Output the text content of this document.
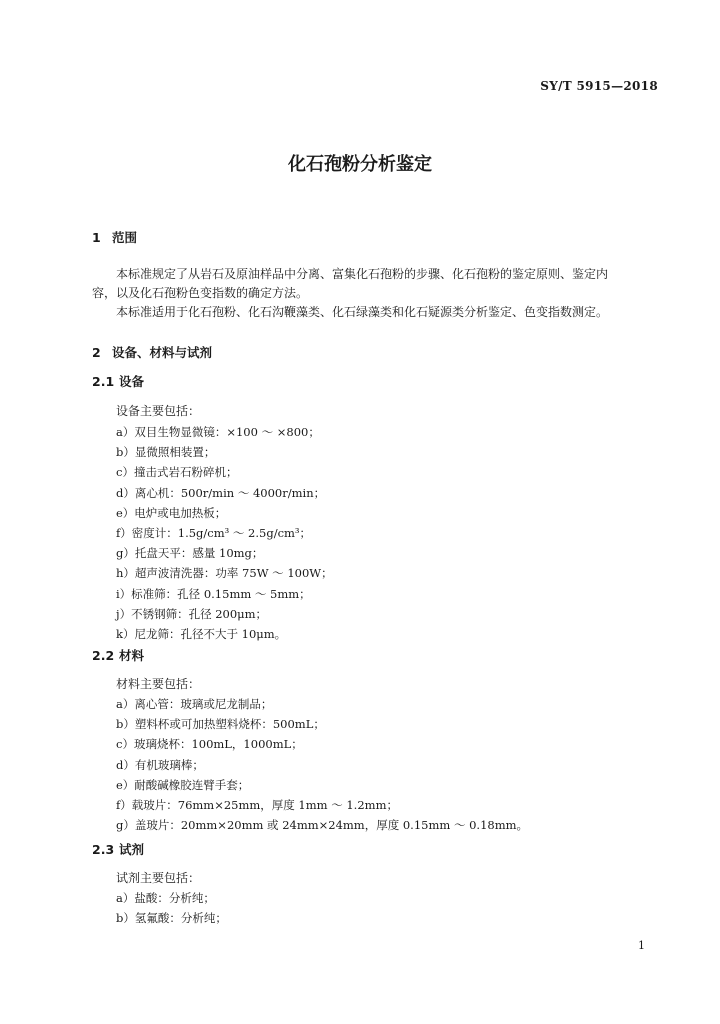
SY/T 5915—2018
化石孢粉分析鉴定
1 范围
本标准规定了从岩石及原油样品中分离、富集化石孢粉的步骤、化石孢粉的鉴定原则、鉴定内
容，以及化石孢粉色变指数的确定方法。
本标准适用于化石孢粉、化石沟鞭藻类、化石绿藻类和化石疑源类分析鉴定、色变指数测定。
2 设备、材料与试剂
2.1 设备
设备主要包括：
a）双目生物显微镜：×100 ～ ×800；
b）显微照相装置；
c）撞击式岩石粉碎机；
d）离心机：500r/min ～ 4000r/min；
e）电炉或电加热板；
f）密度计：1.5g/cm³ ～ 2.5g/cm³；
g）托盘天平：感量 10mg；
h）超声波清洗器：功率 75W ～ 100W；
i）标准筛：孔径 0.15mm ～ 5mm；
j）不锈钢筛：孔径 200μm；
k）尼龙筛：孔径不大于 10μm。
2.2 材料
材料主要包括：
a）离心管：玻璃或尼龙制品；
b）塑料杯或可加热塑料烧杯：500mL；
c）玻璃烧杯：100mL，1000mL；
d）有机玻璃棒；
e）耐酸碱橡胶连臂手套；
f）载玻片：76mm×25mm，厚度 1mm ～ 1.2mm；
g）盖玻片：20mm×20mm 或 24mm×24mm，厚度 0.15mm ～ 0.18mm。
2.3 试剂
试剂主要包括：
a）盐酸：分析纯；
b）氢氟酸：分析纯；
1
